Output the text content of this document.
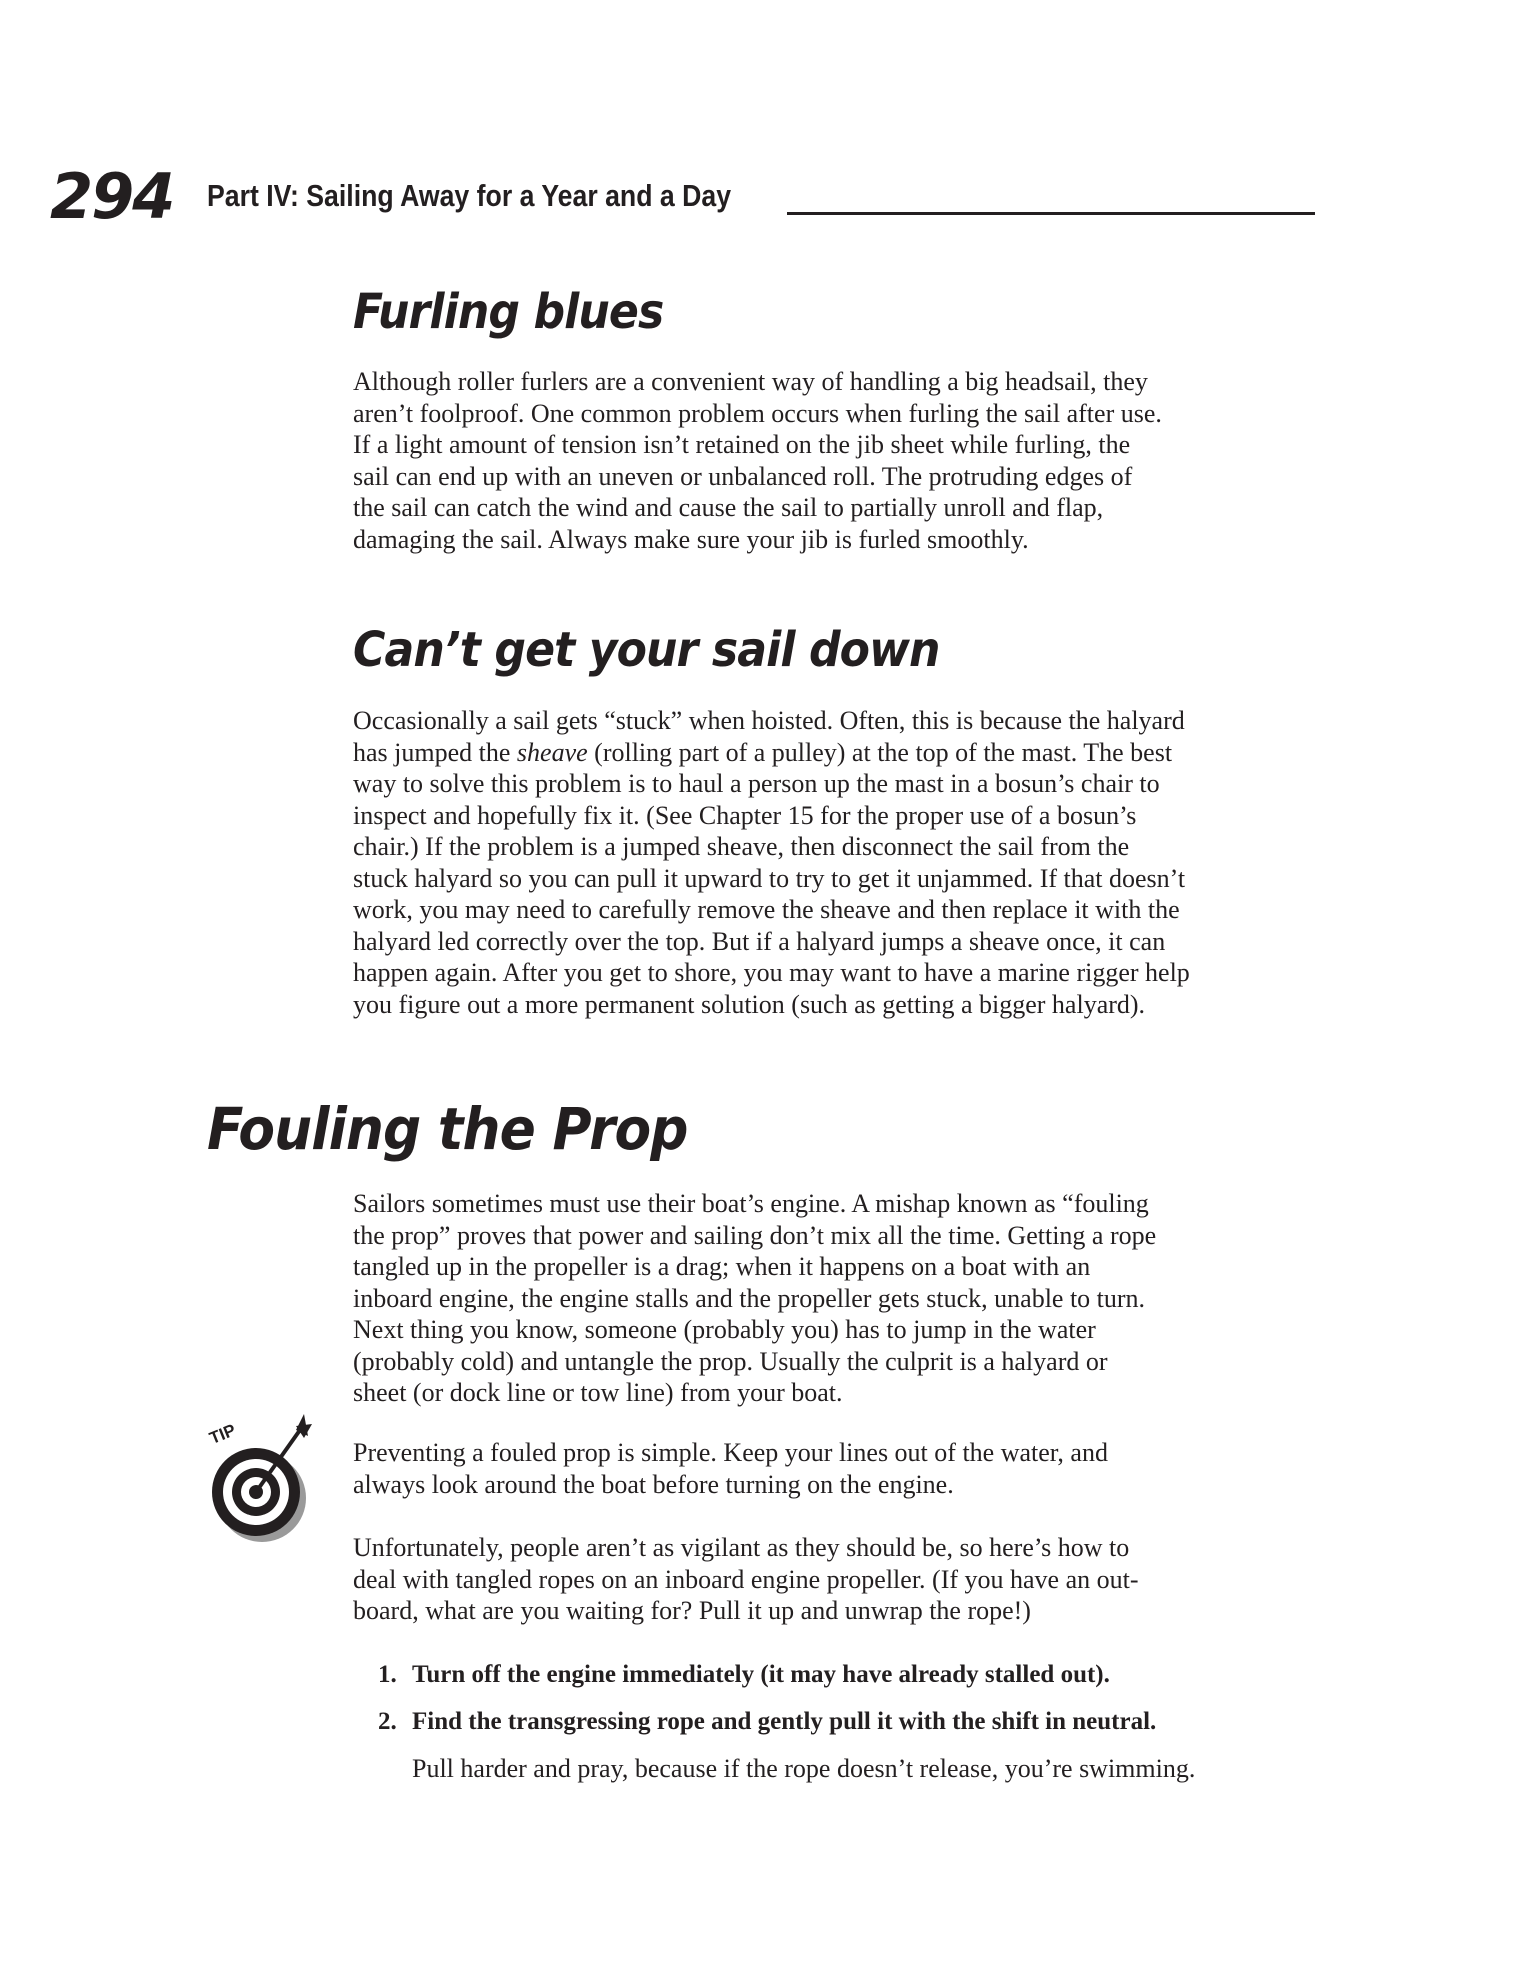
294 Part IV: Sailing Away for a Year and a Day
Furling blues

Although roller furlers are a convenient way of handling a big headsail, they
aren’t foolproof. One common problem occurs when furling the sail after use.
If a light amount of tension isn’t retained on the jib sheet while furling, the
sail can end up with an uneven or unbalanced roll. The protruding edges of
the sail can catch the wind and cause the sail to partially unroll and flap,
damaging the sail. Always make sure your jib is furled smoothly.

Can’t get your sail down

Occasionally a sail gets “stuck” when hoisted. Often, this is because the halyard
has jumped the sheave (rolling part of a pulley) at the top of the mast. The best
way to solve this problem is to haul a person up the mast in a bosun’s chair to
inspect and hopefully fix it. (See Chapter 15 for the proper use of a bosun’s
chair.) If the problem is a jumped sheave, then disconnect the sail from the
stuck halyard so you can pull it upward to try to get it unjammed. If that doesn’t
work, you may need to carefully remove the sheave and then replace it with the
halyard led correctly over the top. But if a halyard jumps a sheave once, it can
happen again. After you get to shore, you may want to have a marine rigger help
you figure out a more permanent solution (such as getting a bigger halyard).

Fouling the Prop

Sailors sometimes must use their boat’s engine. A mishap known as “fouling
the prop” proves that power and sailing don’t mix all the time. Getting a rope
tangled up in the propeller is a drag; when it happens on a boat with an
inboard engine, the engine stalls and the propeller gets stuck, unable to turn.
Next thing you know, someone (probably you) has to jump in the water
(probably cold) and untangle the prop. Usually the culprit is a halyard or
sheet (or dock line or tow line) from your boat.

TIP

Preventing a fouled prop is simple. Keep your lines out of the water, and
always look around the boat before turning on the engine.

Unfortunately, people aren’t as vigilant as they should be, so here’s how to
deal with tangled ropes on an inboard engine propeller. (If you have an out-
board, what are you waiting for? Pull it up and unwrap the rope!)

1. Turn off the engine immediately (it may have already stalled out).
2. Find the transgressing rope and gently pull it with the shift in neutral.
Pull harder and pray, because if the rope doesn’t release, you’re swimming.
